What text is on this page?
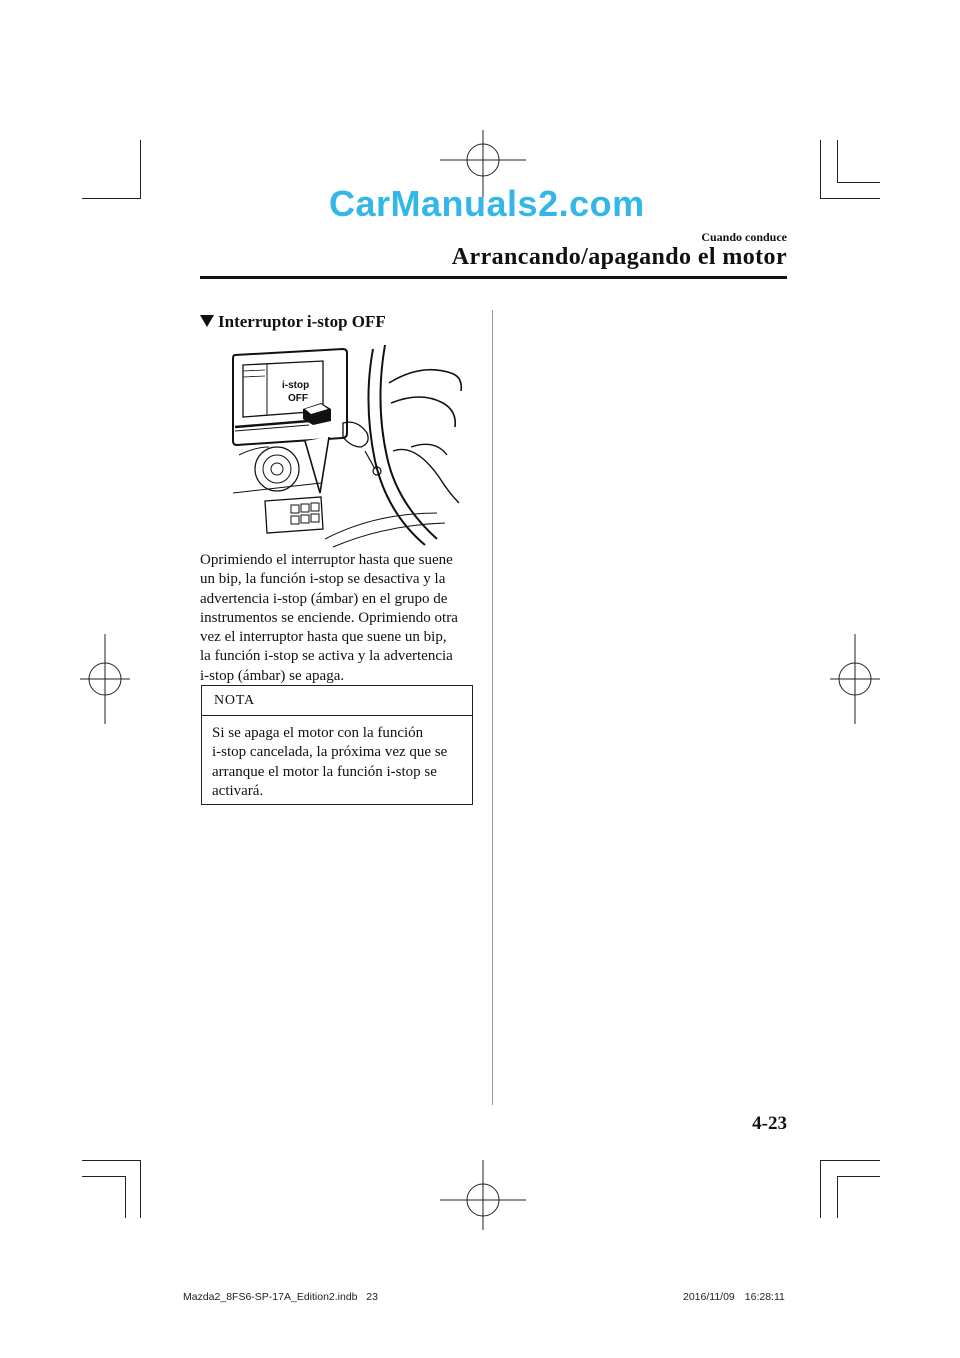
CarManuals2.com
Cuando conduce
Arrancando/apagando el motor
Interruptor i-stop OFF
i-stop
OFF
Oprimiendo el interruptor hasta que suene
un bip, la función i-stop se desactiva y la
advertencia i-stop (ámbar) en el grupo de
instrumentos se enciende. Oprimiendo otra
vez el interruptor hasta que suene un bip,
la función i-stop se activa y la advertencia
i-stop (ámbar) se apaga.
NOTA
Si se apaga el motor con la función
i-stop cancelada, la próxima vez que se
arranque el motor la función i-stop se
activará.
4-23
Mazda2_8FS6-SP-17A_Edition2.indb 23	2016/11/09 16:28:11
